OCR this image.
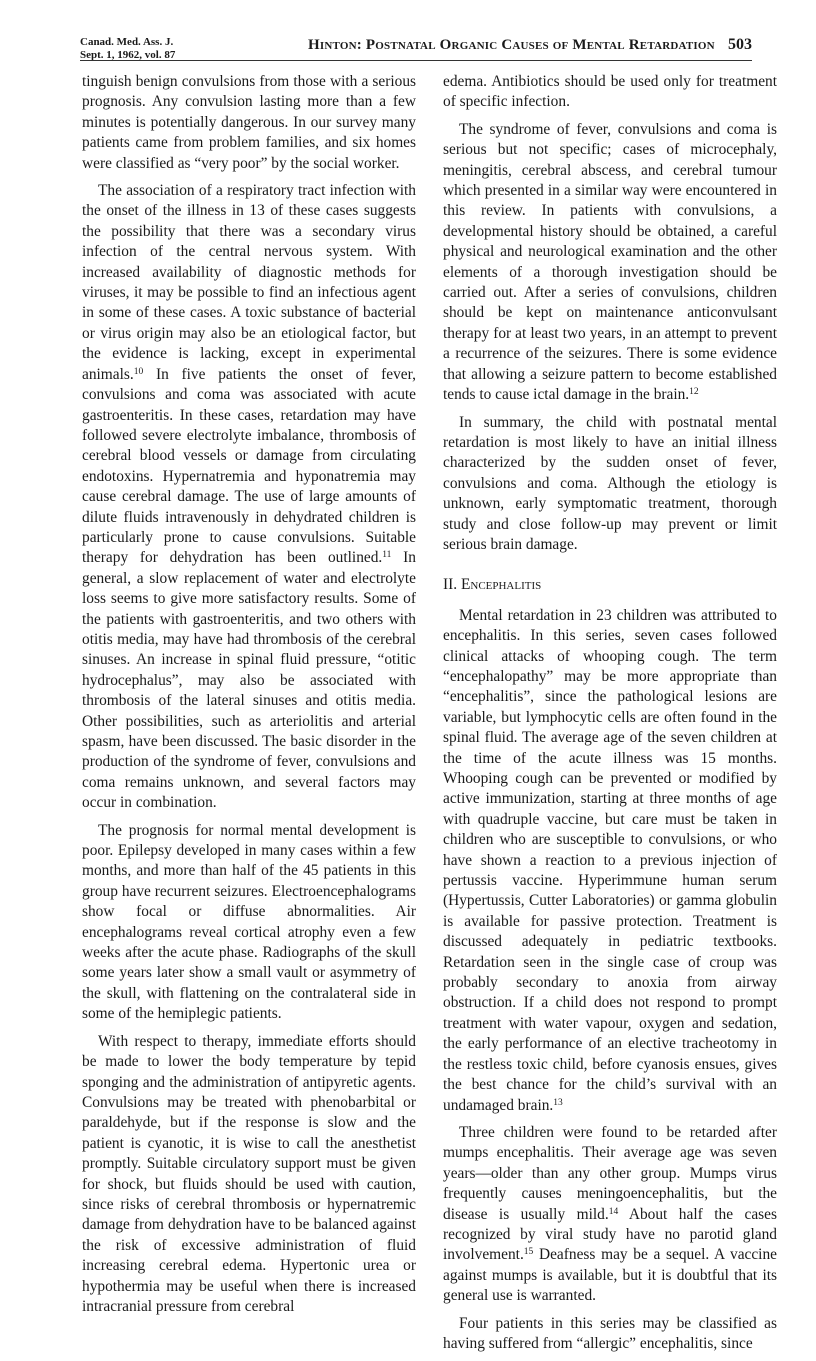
Canad. Med. Ass. J.
Sept. 1, 1962, vol. 87
Hinton: Postnatal Organic Causes of Mental Retardation 503

tinguish benign convulsions from those with a serious prognosis. Any convulsion lasting more than a few minutes is potentially dangerous. In our survey many patients came from problem families, and six homes were classified as “very poor” by the social worker.

The association of a respiratory tract infection with the onset of the illness in 13 of these cases suggests the possibility that there was a secondary virus infection of the central nervous system. With increased availability of diagnostic methods for viruses, it may be possible to find an infectious agent in some of these cases. A toxic substance of bacterial or virus origin may also be an etiological factor, but the evidence is lacking, except in experimental animals.$^{10}$ In five patients the onset of fever, convulsions and coma was associated with acute gastroenteritis. In these cases, retardation may have followed severe electrolyte imbalance, thrombosis of cerebral blood vessels or damage from circulating endotoxins. Hypernatremia and hyponatremia may cause cerebral damage. The use of large amounts of dilute fluids intravenously in dehydrated children is particularly prone to cause convulsions. Suitable therapy for dehydration has been outlined.$^{11}$ In general, a slow replacement of water and electrolyte loss seems to give more satisfactory results. Some of the patients with gastroenteritis, and two others with otitis media, may have had thrombosis of the cerebral sinuses. An increase in spinal fluid pressure, “otitic hydrocephalus”, may also be associated with thrombosis of the lateral sinuses and otitis media. Other possibilities, such as arteriolitis and arterial spasm, have been discussed. The basic disorder in the production of the syndrome of fever, convulsions and coma remains unknown, and several factors may occur in combination.

The prognosis for normal mental development is poor. Epilepsy developed in many cases within a few months, and more than half of the 45 patients in this group have recurrent seizures. Electroencephalograms show focal or diffuse abnormalities. Air encephalograms reveal cortical atrophy even a few weeks after the acute phase. Radiographs of the skull some years later show a small vault or asymmetry of the skull, with flattening on the contralateral side in some of the hemiplegic patients.

With respect to therapy, immediate efforts should be made to lower the body temperature by tepid sponging and the administration of antipyretic agents. Convulsions may be treated with phenobarbital or paraldehyde, but if the response is slow and the patient is cyanotic, it is wise to call the anesthetist promptly. Suitable circulatory support must be given for shock, but fluids should be used with caution, since risks of cerebral thrombosis or hypernatremic damage from dehydration have to be balanced against the risk of excessive administration of fluid increasing cerebral edema. Hypertonic urea or hypothermia may be useful when there is increased intracranial pressure from cerebral

edema. Antibiotics should be used only for treatment of specific infection.

The syndrome of fever, convulsions and coma is serious but not specific; cases of microcephaly, meningitis, cerebral abscess, and cerebral tumour which presented in a similar way were encountered in this review. In patients with convulsions, a developmental history should be obtained, a careful physical and neurological examination and the other elements of a thorough investigation should be carried out. After a series of convulsions, children should be kept on maintenance anticonvulsant therapy for at least two years, in an attempt to prevent a recurrence of the seizures. There is some evidence that allowing a seizure pattern to become established tends to cause ictal damage in the brain.$^{12}$

In summary, the child with postnatal mental retardation is most likely to have an initial illness characterized by the sudden onset of fever, convulsions and coma. Although the etiology is unknown, early symptomatic treatment, thorough study and close follow-up may prevent or limit serious brain damage.

II. Encephalitis

Mental retardation in 23 children was attributed to encephalitis. In this series, seven cases followed clinical attacks of whooping cough. The term “encephalopathy” may be more appropriate than “encephalitis”, since the pathological lesions are variable, but lymphocytic cells are often found in the spinal fluid. The average age of the seven children at the time of the acute illness was 15 months. Whooping cough can be prevented or modified by active immunization, starting at three months of age with quadruple vaccine, but care must be taken in children who are susceptible to convulsions, or who have shown a reaction to a previous injection of pertussis vaccine. Hyperimmune human serum (Hypertussis, Cutter Laboratories) or gamma globulin is available for passive protection. Treatment is discussed adequately in pediatric textbooks. Retardation seen in the single case of croup was probably secondary to anoxia from airway obstruction. If a child does not respond to prompt treatment with water vapour, oxygen and sedation, the early performance of an elective tracheotomy in the restless toxic child, before cyanosis ensues, gives the best chance for the child’s survival with an undamaged brain.$^{13}$

Three children were found to be retarded after mumps encephalitis. Their average age was seven years—older than any other group. Mumps virus frequently causes meningoencephalitis, but the disease is usually mild.$^{14}$ About half the cases recognized by viral study have no parotid gland involvement.$^{15}$ Deafness may be a sequel. A vaccine against mumps is available, but it is doubtful that its general use is warranted.

Four patients in this series may be classified as having suffered from “allergic” encephalitis, since
